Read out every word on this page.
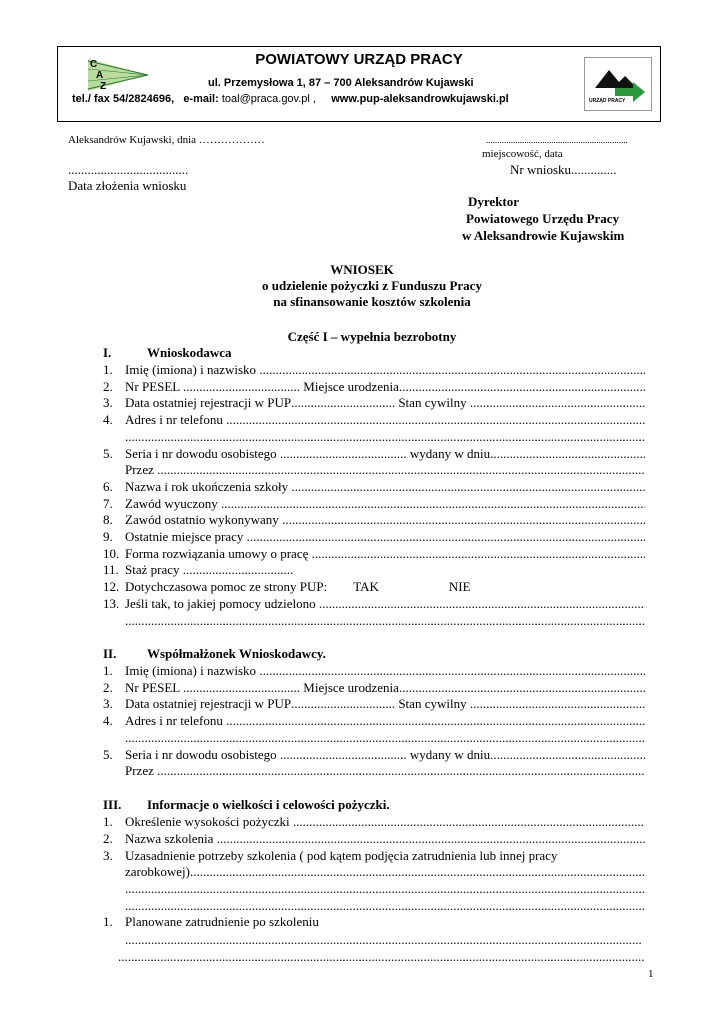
C
A
Z
POWIATOWY URZĄD PRACY
ul. Przemysłowa 1, 87 – 700 Aleksandrów Kujawski
tel./ fax 54/2824696, e-mail: toal@praca.gov.pl , www.pup-aleksandrowkujawski.pl	URZĄD PRACY
Aleksandrów Kujawski, dnia ………………	...............................................................
miejscowość, data
.....................................	Nr wniosku..............
Data złożenia wniosku
Dyrektor
Powiatowego Urzędu Pracy
w Aleksandrowie Kujawskim
WNIOSEK
o udzielenie pożyczki z Funduszu Pracy
na sfinansowanie kosztów szkolenia
Część I – wypełnia bezrobotny
I.	Wnioskodawca
1. Imię (imiona) i nazwisko
.....
2. Nr PESEL .................................... Miejsce urodzenia
.....
3. Data ostatniej rejestracji w PUP ................................ Stan cywilny
.....
4. Adres i nr telefonu
.....
.....
5. Seria i nr dowodu osobistego ....................................... wydany w dniu
.....
Przez
.....
6. Nazwa i rok ukończenia szkoły
.....
7. Zawód wyuczony
.....
8. Zawód ostatnio wykonywany
.....
9. Ostatnie miejsce pracy
.....
10. Forma rozwiązania umowy o pracę
.....
11. Staż pracy ..................................
12. Dotychczasowa pomoc ze strony PUP: TAK	NIE
13. Jeśli tak, to jakiej pomocy udzielono
.....
.....
II. Współmałżonek Wnioskodawcy.
1. Imię (imiona) i nazwisko
.....
2. Nr PESEL .................................... Miejsce urodzenia
.....
3. Data ostatniej rejestracji w PUP ................................ Stan cywilny
.....
4. Adres i nr telefonu
.....
.....
5. Seria i nr dowodu osobistego ....................................... wydany w dniu
.....
Przez
.....
III. Informacje o wielkości i celowości pożyczki.
1. Określenie wysokości pożyczki
.....
2. Nazwa szkolenia
.....
3. Uzasadnienie potrzeby szkolenia ( pod kątem podjęcia zatrudnienia lub innej pracy
zarobkowej)
.....
.....
.....
1. Planowane zatrudnienie po szkoleniu
.....
.....
1
